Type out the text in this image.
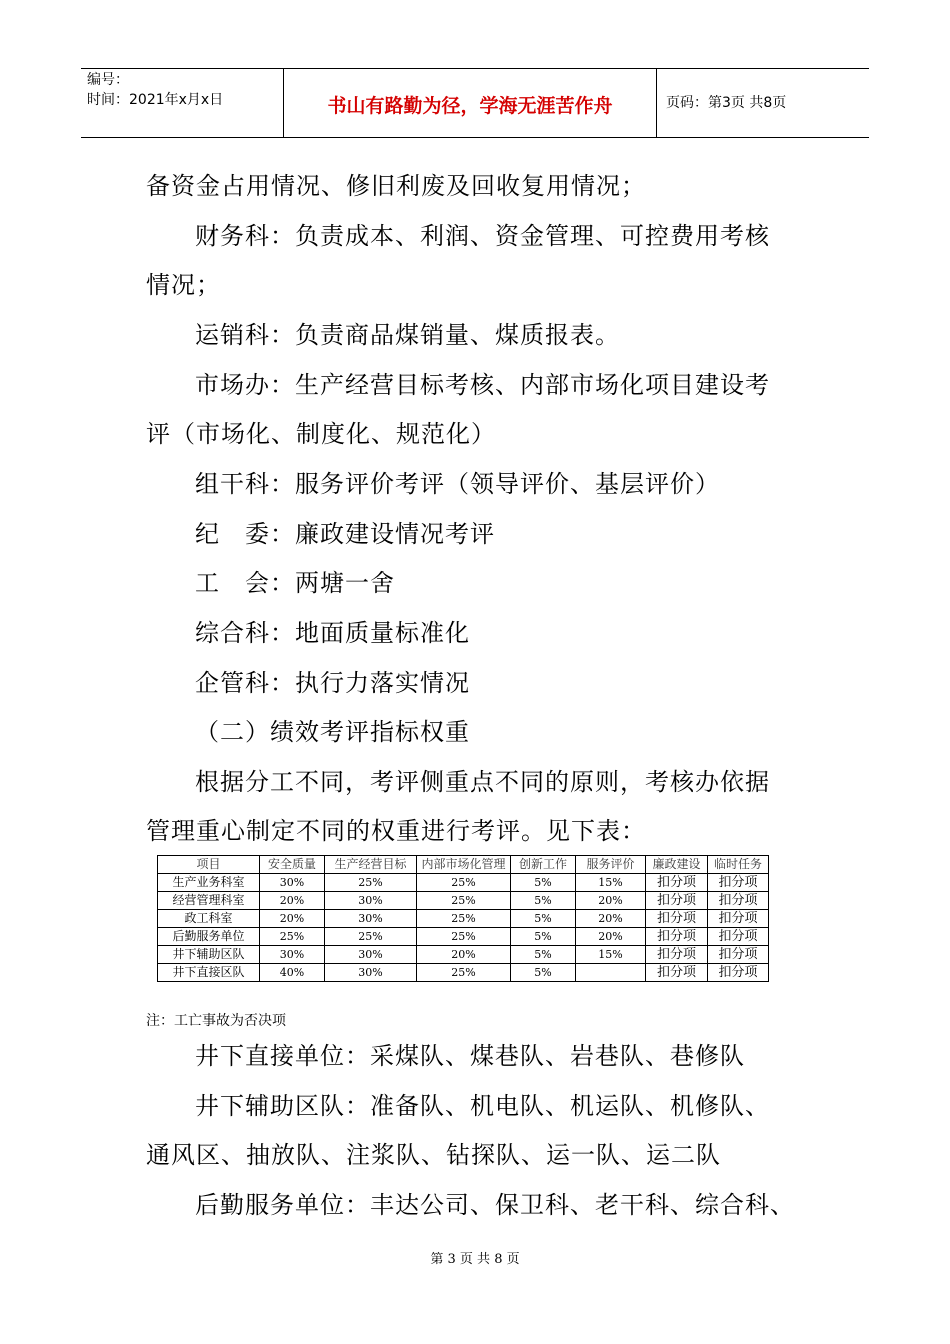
编号：
时间：2021年x月x日	书山有路勤为径，学海无涯苦作舟	页码：第3页 共8页
备资金占用情况、修旧利废及回收复用情况；
财务科：负责成本、利润、资金管理、可控费用考核
情况；
运销科：负责商品煤销量、煤质报表。
市场办：生产经营目标考核、内部市场化项目建设考
评（市场化、制度化、规范化）
组干科：服务评价考评（领导评价、基层评价）
纪　委：廉政建设情况考评
工　会：两塘一舍
综合科：地面质量标准化
企管科：执行力落实情况
（二）绩效考评指标权重
根据分工不同，考评侧重点不同的原则，考核办依据
管理重心制定不同的权重进行考评。见下表：
项目	安全质量	生产经营目标	内部市场化管理	创新工作	服务评价	廉政建设	临时任务
生产业务科室	30%	25%	25%	5%	15%	扣分项	扣分项
经营管理科室	20%	30%	25%	5%	20%	扣分项	扣分项
政工科室	20%	30%	25%	5%	20%	扣分项	扣分项
后勤服务单位	25%	25%	25%	5%	20%	扣分项	扣分项
井下辅助区队	30%	30%	20%	5%	15%	扣分项	扣分项
井下直接区队	40%	30%	25%	5%		扣分项	扣分项
注：工亡事故为否决项
井下直接单位：采煤队、煤巷队、岩巷队、巷修队
井下辅助区队：准备队、机电队、机运队、机修队、
通风区、抽放队、注浆队、钻探队、运一队、运二队
后勤服务单位：丰达公司、保卫科、老干科、综合科、
第 3 页 共 8 页
